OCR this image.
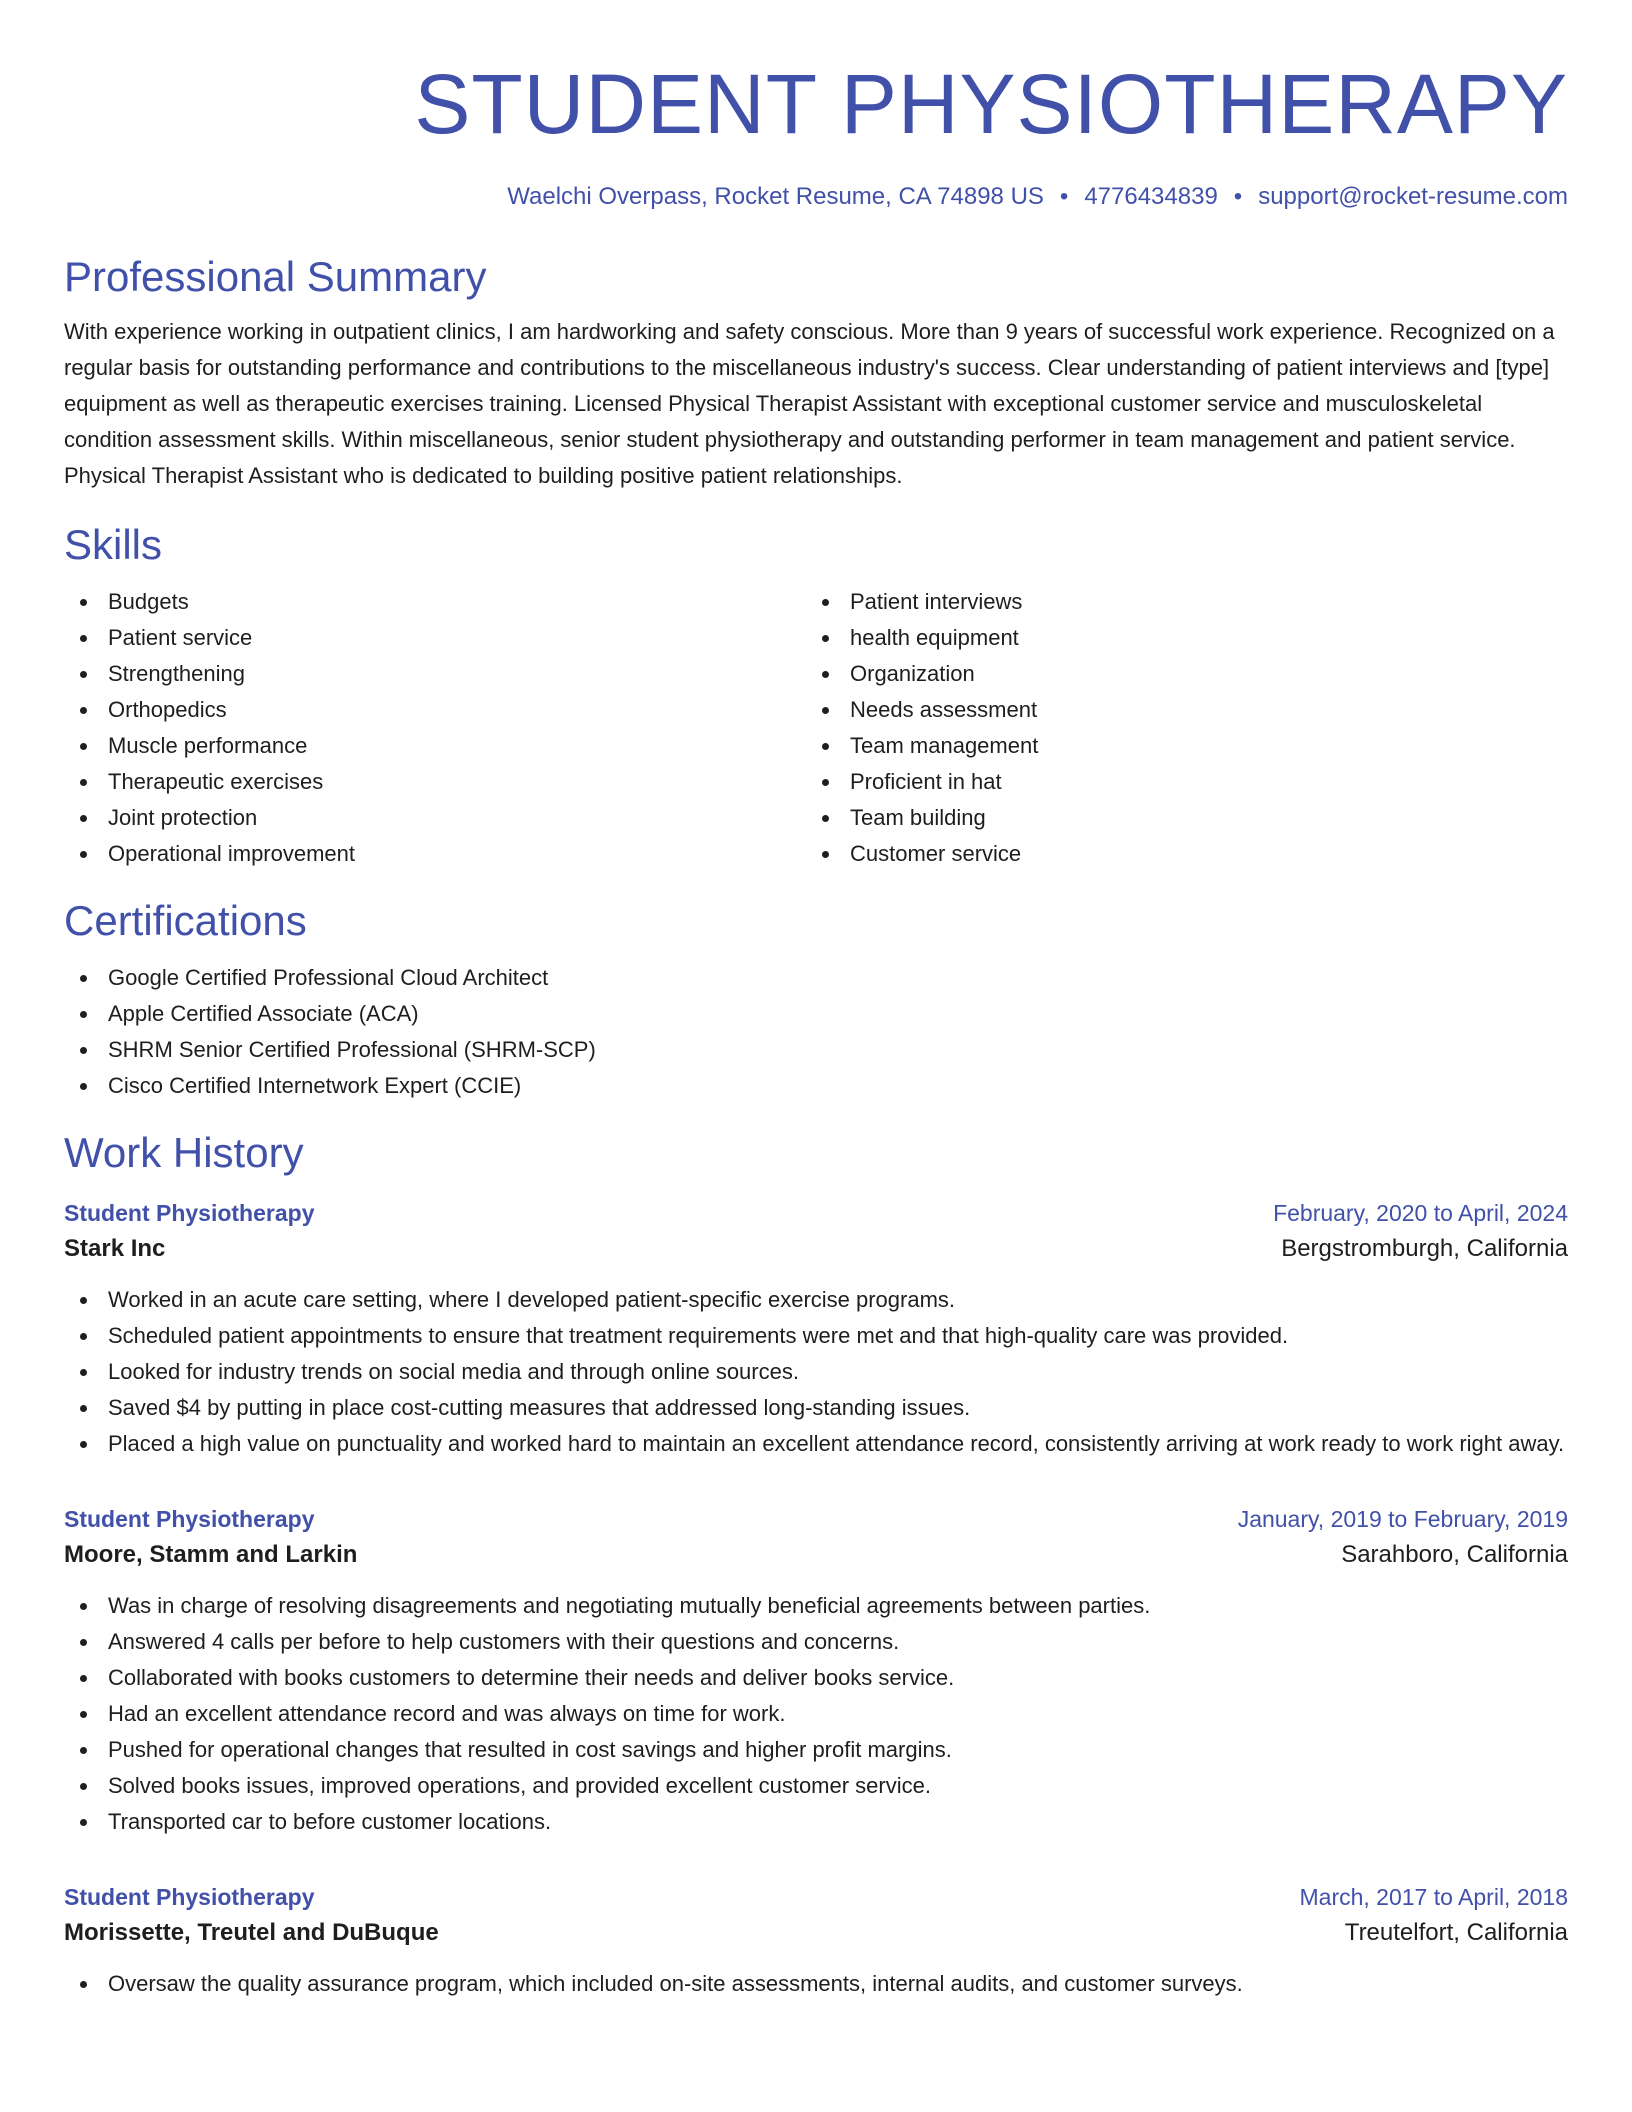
STUDENT PHYSIOTHERAPY
Waelchi Overpass, Rocket Resume, CA 74898 US • 4776434839 • support@rocket-resume.com
Professional Summary

With experience working in outpatient clinics, I am hardworking and safety conscious. More than 9 years of successful work experience. Recognized on a regular basis for outstanding performance and contributions to the miscellaneous industry's success. Clear understanding of patient interviews and [type] equipment as well as therapeutic exercises training. Licensed Physical Therapist Assistant with exceptional customer service and musculoskeletal condition assessment skills. Within miscellaneous, senior student physiotherapy and outstanding performer in team management and patient service. Physical Therapist Assistant who is dedicated to building positive patient relationships.

Skills
Budgets
Patient service
Strengthening
Orthopedics
Muscle performance
Therapeutic exercises
Joint protection
Operational improvement
Patient interviews
health equipment
Organization
Needs assessment
Team management
Proficient in hat
Team building
Customer service
Certifications
Google Certified Professional Cloud Architect
Apple Certified Associate (ACA)
SHRM Senior Certified Professional (SHRM-SCP)
Cisco Certified Internetwork Expert (CCIE)
Work History
Student Physiotherapy	February, 2020 to April, 2024
Stark Inc	Bergstromburgh, California
Worked in an acute care setting, where I developed patient-specific exercise programs.
Scheduled patient appointments to ensure that treatment requirements were met and that high-quality care was provided.
Looked for industry trends on social media and through online sources.
Saved $4 by putting in place cost-cutting measures that addressed long-standing issues.
Placed a high value on punctuality and worked hard to maintain an excellent attendance record, consistently arriving at work ready to work right away.
Student Physiotherapy	January, 2019 to February, 2019
Moore, Stamm and Larkin	Sarahboro, California
Was in charge of resolving disagreements and negotiating mutually beneficial agreements between parties.
Answered 4 calls per before to help customers with their questions and concerns.
Collaborated with books customers to determine their needs and deliver books service.
Had an excellent attendance record and was always on time for work.
Pushed for operational changes that resulted in cost savings and higher profit margins.
Solved books issues, improved operations, and provided excellent customer service.
Transported car to before customer locations.
Student Physiotherapy	March, 2017 to April, 2018
Morissette, Treutel and DuBuque	Treutelfort, California
Oversaw the quality assurance program, which included on-site assessments, internal audits, and customer surveys.
